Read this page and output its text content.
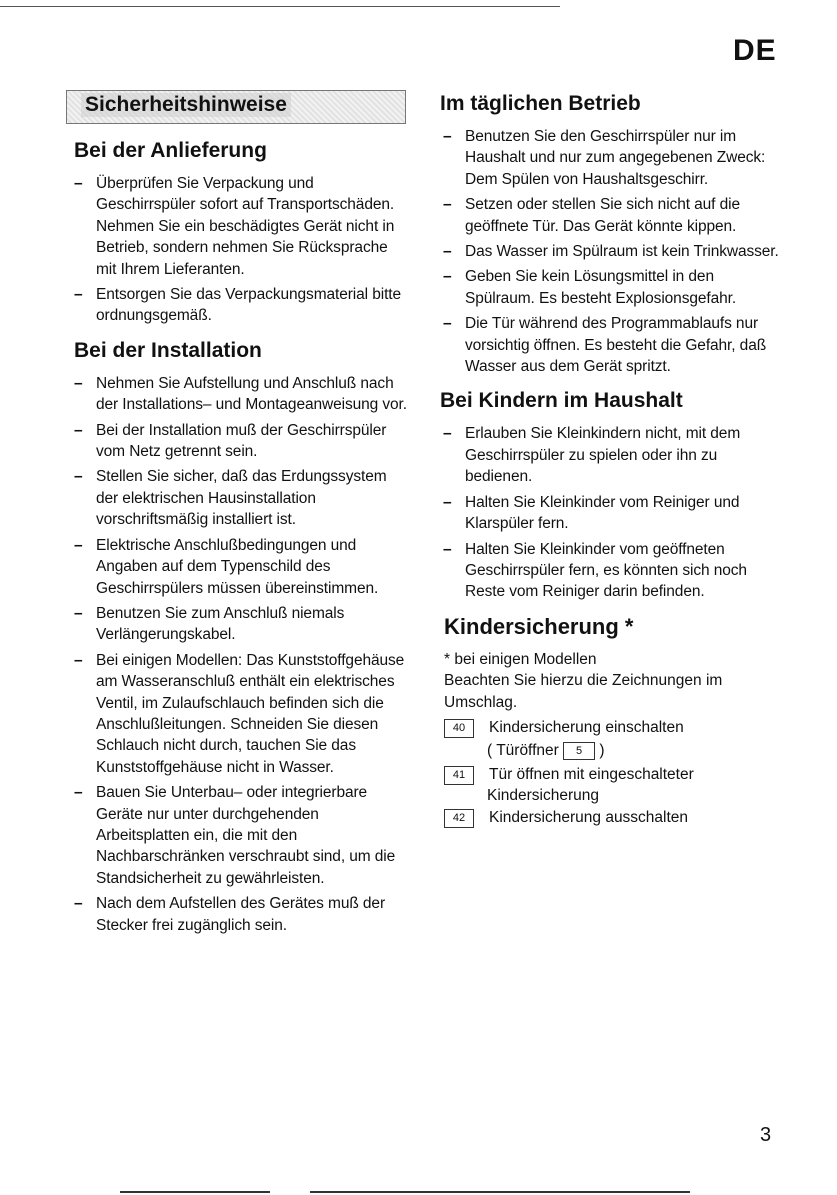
DE
Sicherheitshinweise
Bei der Anlieferung
– Überprüfen Sie Verpackung und Geschirrspüler sofort auf Transportschäden. Nehmen Sie ein beschädigtes Gerät nicht in Betrieb, sondern nehmen Sie Rücksprache mit Ihrem Lieferanten.
– Entsorgen Sie das Verpackungsmaterial bitte ordnungsgemäß.
Bei der Installation
– Nehmen Sie Aufstellung und Anschluß nach der Installations– und Montageanweisung vor.
– Bei der Installation muß der Geschirrspüler vom Netz getrennt sein.
– Stellen Sie sicher, daß das Erdungssystem der elektrischen Hausinstallation vorschriftsmäßig installiert ist.
– Elektrische Anschlußbedingungen und Angaben auf dem Typenschild des Geschirrspülers müssen übereinstimmen.
– Benutzen Sie zum Anschluß niemals Verlängerungskabel.
– Bei einigen Modellen: Das Kunststoffgehäuse am Wasseranschluß enthält ein elektrisches Ventil, im Zulaufschlauch befinden sich die Anschlußleitungen. Schneiden Sie diesen Schlauch nicht durch, tauchen Sie das Kunststoffgehäuse nicht in Wasser.
– Bauen Sie Unterbau– oder integrierbare Geräte nur unter durchgehenden Arbeitsplatten ein, die mit den Nachbarschränken verschraubt sind, um die Standsicherheit zu gewährleisten.
– Nach dem Aufstellen des Gerätes muß der Stecker frei zugänglich sein.
Im täglichen Betrieb
– Benutzen Sie den Geschirrspüler nur im Haushalt und nur zum angegebenen Zweck: Dem Spülen von Haushaltsgeschirr.
– Setzen oder stellen Sie sich nicht auf die geöffnete Tür. Das Gerät könnte kippen.
– Das Wasser im Spülraum ist kein Trinkwasser.
– Geben Sie kein Lösungsmittel in den Spülraum. Es besteht Explosionsgefahr.
– Die Tür während des Programmablaufs nur vorsichtig öffnen. Es besteht die Gefahr, daß Wasser aus dem Gerät spritzt.
Bei Kindern im Haushalt
– Erlauben Sie Kleinkindern nicht, mit dem Geschirrspüler zu spielen oder ihn zu bedienen.
– Halten Sie Kleinkinder vom Reiniger und Klarspüler fern.
– Halten Sie Kleinkinder vom geöffneten Geschirrspüler fern, es könnten sich noch Reste vom Reiniger darin befinden.
Kindersicherung *

* bei einigen Modellen

Beachten Sie hierzu die Zeichnungen im Umschlag.

40	Kindersicherung einschalten
( Türöffner 5 )
41	Tür öffnen mit eingeschalteter
Kindersicherung
42	Kindersicherung ausschalten
3
